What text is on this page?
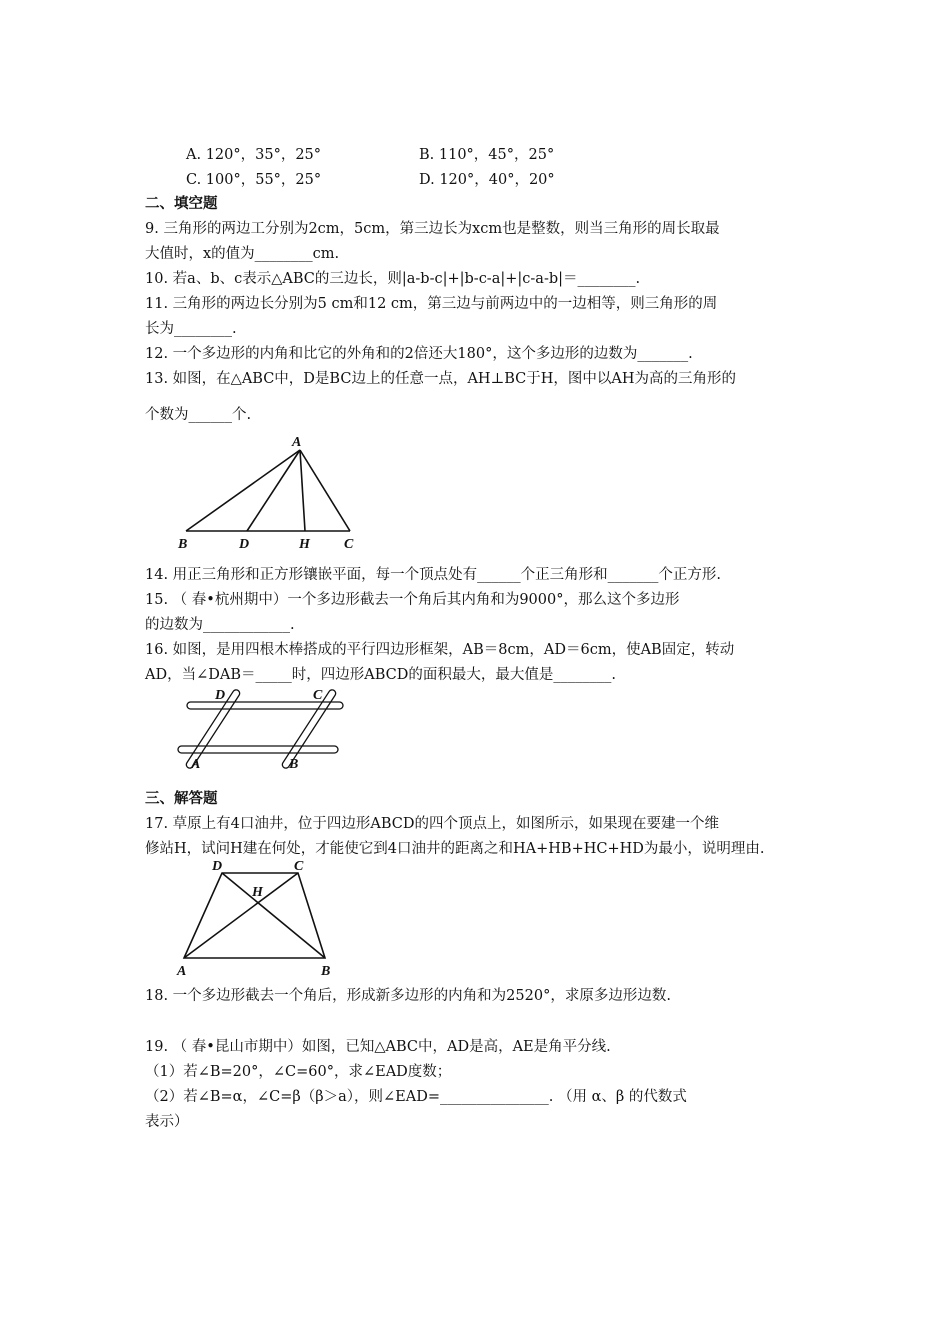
A. 120°，35°，25°	B. 110°，45°，25°
C. 100°，55°，25°	D. 120°，40°，20°
二、填空题
9. 三角形的两边工分别为2cm，5cm，第三边长为xcm也是整数，则当三角形的周长取最
大值时，x的值为________cm.
10. 若a、b、c表示△ABC的三边长，则|a-b-c|+|b-c-a|+|c-a-b|＝________.
11. 三角形的两边长分别为5 cm和12 cm，第三边与前两边中的一边相等，则三角形的周
长为________.
12. 一个多边形的内角和比它的外角和的2倍还大180°，这个多边形的边数为_______.
13. 如图，在△ABC中，D是BC边上的任意一点，AH⊥BC于H，图中以AH为高的三角形的
个数为______个.
A
B	D	H C
14. 用正三角形和正方形镶嵌平面，每一个顶点处有______个正三角形和_______个正方形.
15. （ 春•杭州期中）一个多边形截去一个角后其内角和为9000°，那么这个多边形
的边数为____________.
16. 如图，是用四根木棒搭成的平行四边形框架，AB＝8cm，AD＝6cm，使AB固定，转动
AD，当∠DAB＝_____时，四边形ABCD的面积最大，最大值是________.
D	C
A	B
三、解答题
17. 草原上有4口油井，位于四边形ABCD的四个顶点上，如图所示，如果现在要建一个维
修站H，试问H建在何处，才能使它到4口油井的距离之和HA+HB+HC+HD为最小，说明理由.
D	C
H
A	B
18. 一个多边形截去一个角后，形成新多边形的内角和为2520°，求原多边形边数.
19. （ 春•昆山市期中）如图，已知△ABC中，AD是高，AE是角平分线.
（1）若∠B=20°，∠C=60°，求∠EAD度数；
（2）若∠B=α，∠C=β（β＞a），则∠EAD=_______________. （用 α、β 的代数式
表示）
